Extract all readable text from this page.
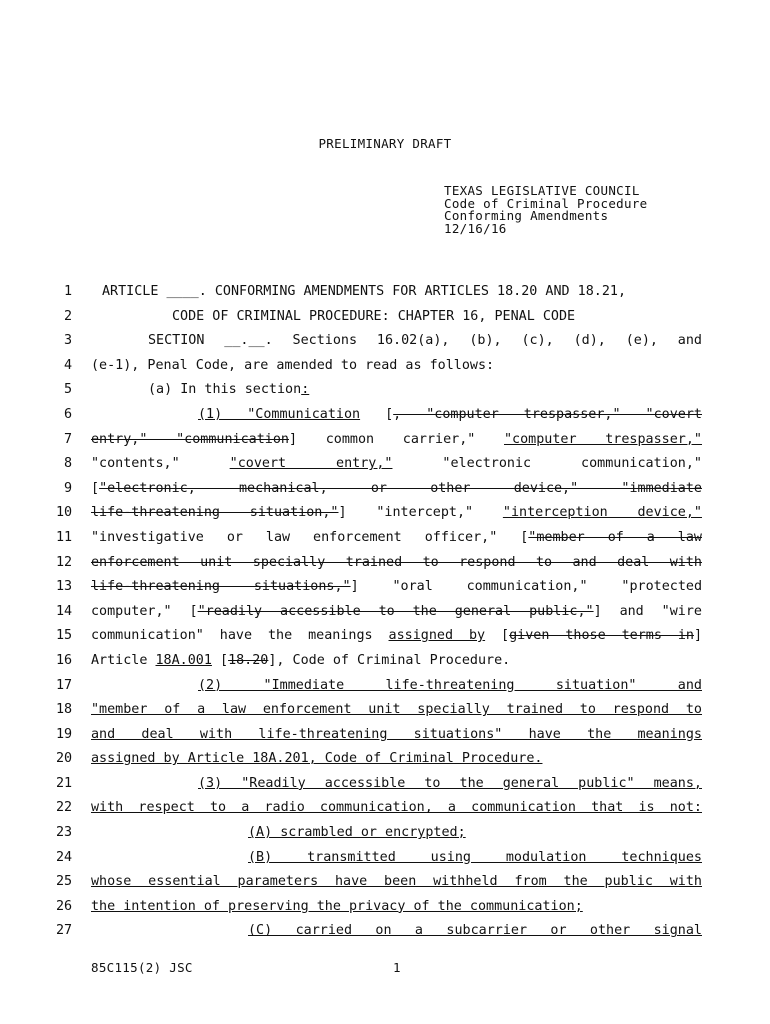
PRELIMINARY DRAFT
TEXAS LEGISLATIVE COUNCIL
Code of Criminal Procedure
Conforming Amendments
12/16/16
1 ARTICLE ____. CONFORMING AMENDMENTS FOR ARTICLES 18.20 AND 18.21,
2	CODE OF CRIMINAL PROCEDURE: CHAPTER 16, PENAL CODE
3	SECTION __.__. Sections 16.02(a), (b), (c), (d), (e), and
4 (e-1), Penal Code, are amended to read as follows:
5	(a) In this section:
6	(1) "Communication [, "computer trespasser," "covert
7 entry," "communication] common carrier," "computer trespasser,"
8 "contents," "covert entry," "electronic communication,"
9 ["electronic, mechanical, or other device," "immediate
10 life-threatening situation,"] "intercept," "interception device,"
11 "investigative or law enforcement officer," ["member of a law
12 enforcement unit specially trained to respond to and deal with
13 life-threatening situations,"] "oral communication," "protected
14 computer," ["readily accessible to the general public,"] and "wire
15 communication" have the meanings assigned by [given those terms in]
16 Article 18A.001 [18.20], Code of Criminal Procedure.
17	(2) "Immediate life-threatening situation" and
18 "member of a law enforcement unit specially trained to respond to
19 and deal with life-threatening situations" have the meanings
20 assigned by Article 18A.201, Code of Criminal Procedure.
21	(3) "Readily accessible to the general public" means,
22 with respect to a radio communication, a communication that is not:
23	(A) scrambled or encrypted;
24	(B) transmitted using modulation techniques
25 whose essential parameters have been withheld from the public with
26 the intention of preserving the privacy of the communication;
27	(C) carried on a subcarrier or other signal
85C115(2) JSC	1
